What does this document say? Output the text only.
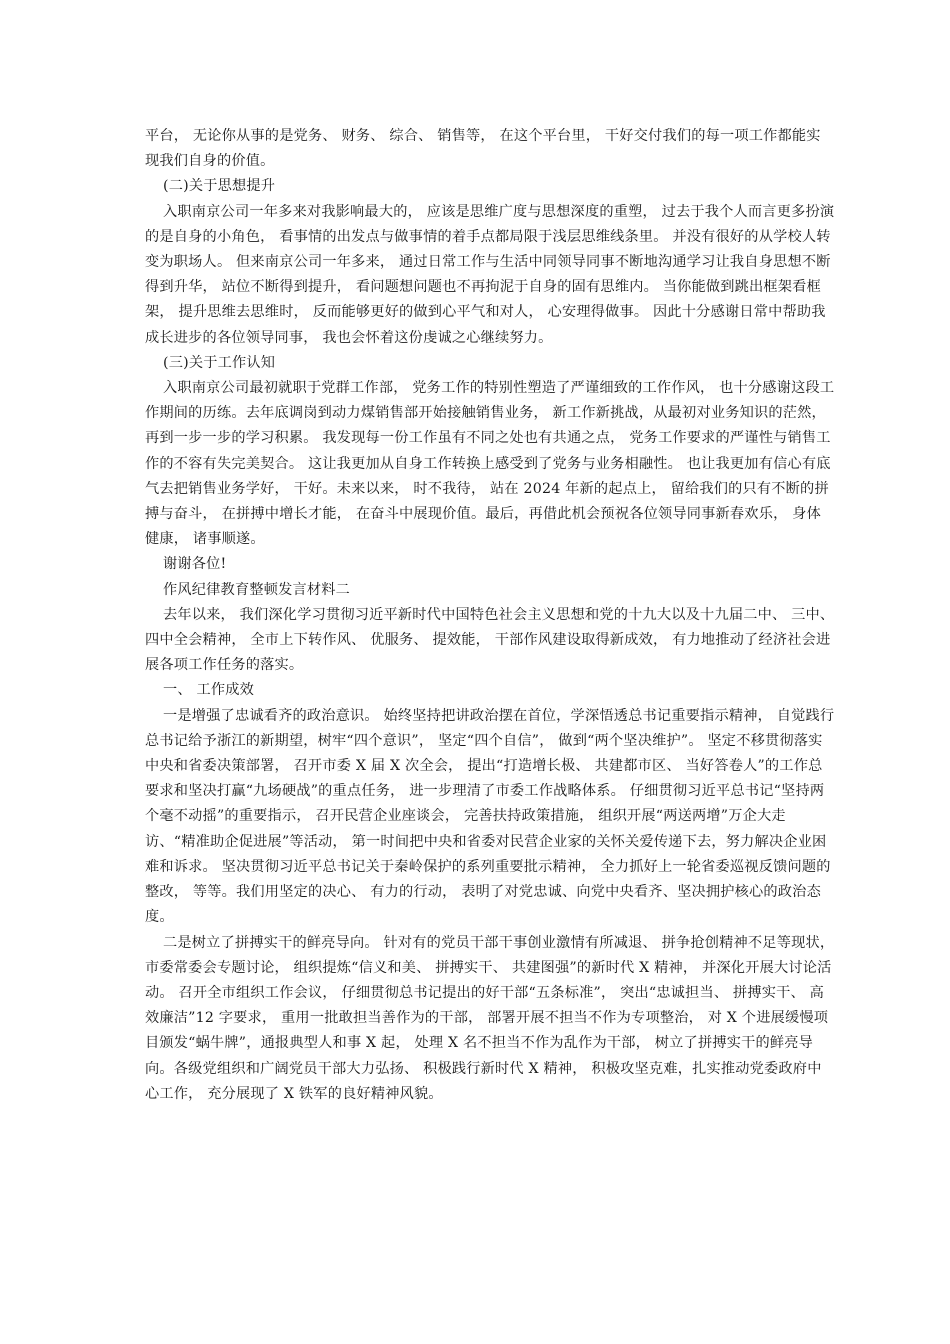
平台， 无论你从事的是党务、 财务、 综合、 销售等， 在这个平台里， 干好交付我们的每一项工作都能实现我们自身的价值。

(二)关于思想提升

入职南京公司一年多来对我影响最大的， 应该是思维广度与思想深度的重塑， 过去于我个人而言更多扮演的是自身的小角色， 看事情的出发点与做事情的着手点都局限于浅层思维线条里。 并没有很好的从学校人转变为职场人。 但来南京公司一年多来， 通过日常工作与生活中同领导同事不断地沟通学习让我自身思想不断得到升华， 站位不断得到提升， 看问题想问题也不再拘泥于自身的固有思维内。 当你能做到跳出框架看框架， 提升思维去思维时， 反而能够更好的做到心平气和对人， 心安理得做事。 因此十分感谢日常中帮助我成长进步的各位领导同事， 我也会怀着这份虔诚之心继续努力。

(三)关于工作认知

入职南京公司最初就职于党群工作部， 党务工作的特别性塑造了严谨细致的工作作风， 也十分感谢这段工作期间的历练。去年底调岗到动力煤销售部开始接触销售业务， 新工作新挑战，从最初对业务知识的茫然， 再到一步一步的学习积累。 我发现每一份工作虽有不同之处也有共通之点， 党务工作要求的严谨性与销售工作的不容有失完美契合。 这让我更加从自身工作转换上感受到了党务与业务相融性。 也让我更加有信心有底气去把销售业务学好， 干好。未来以来， 时不我待， 站在 2024 年新的起点上， 留给我们的只有不断的拼搏与奋斗， 在拼搏中增长才能， 在奋斗中展现价值。最后，再借此机会预祝各位领导同事新春欢乐， 身体健康， 诸事顺遂。

谢谢各位!

作风纪律教育整顿发言材料二

去年以来， 我们深化学习贯彻习近平新时代中国特色社会主义思想和党的十九大以及十九届二中、 三中、 四中全会精神， 全市上下转作风、 优服务、 提效能， 干部作风建设取得新成效， 有力地推动了经济社会进展各项工作任务的落实。

一、 工作成效

一是增强了忠诚看齐的政治意识。 始终坚持把讲政治摆在首位，学深悟透总书记重要指示精神， 自觉践行总书记给予浙江的新期望，树牢“四个意识”， 坚定“四个自信”， 做到“两个坚决维护”。 坚定不移贯彻落实中央和省委决策部署， 召开市委 X 届 X 次全会， 提出“打造增长极、 共建都市区、 当好答卷人”的工作总要求和坚决打赢“九场硬战”的重点任务， 进一步理清了市委工作战略体系。 仔细贯彻习近平总书记“坚持两个毫不动摇”的重要指示， 召开民营企业座谈会， 完善扶持政策措施， 组织开展“两送两增”万企大走访、“精准助企促进展”等活动， 第一时间把中央和省委对民营企业家的关怀关爱传递下去，努力解决企业困难和诉求。 坚决贯彻习近平总书记关于秦岭保护的系列重要批示精神， 全力抓好上一轮省委巡视反馈问题的整改， 等等。我们用坚定的决心、 有力的行动， 表明了对党忠诚、向党中央看齐、坚决拥护核心的政治态度。

二是树立了拼搏实干的鲜亮导向。 针对有的党员干部干事创业激情有所减退、 拼争抢创精神不足等现状， 市委常委会专题讨论， 组织提炼“信义和美、 拼搏实干、 共建图强”的新时代 X 精神， 并深化开展大讨论活动。 召开全市组织工作会议， 仔细贯彻总书记提出的好干部“五条标准”， 突出“忠诚担当、 拼搏实干、 高效廉洁”12 字要求， 重用一批敢担当善作为的干部， 部署开展不担当不作为专项整治， 对 X 个进展缓慢项目颁发“蜗牛牌”，通报典型人和事 X 起， 处理 X 名不担当不作为乱作为干部， 树立了拼搏实干的鲜亮导向。各级党组织和广阔党员干部大力弘扬、 积极践行新时代 X 精神， 积极攻坚克难，扎实推动党委政府中心工作， 充分展现了 X 铁军的良好精神风貌。
